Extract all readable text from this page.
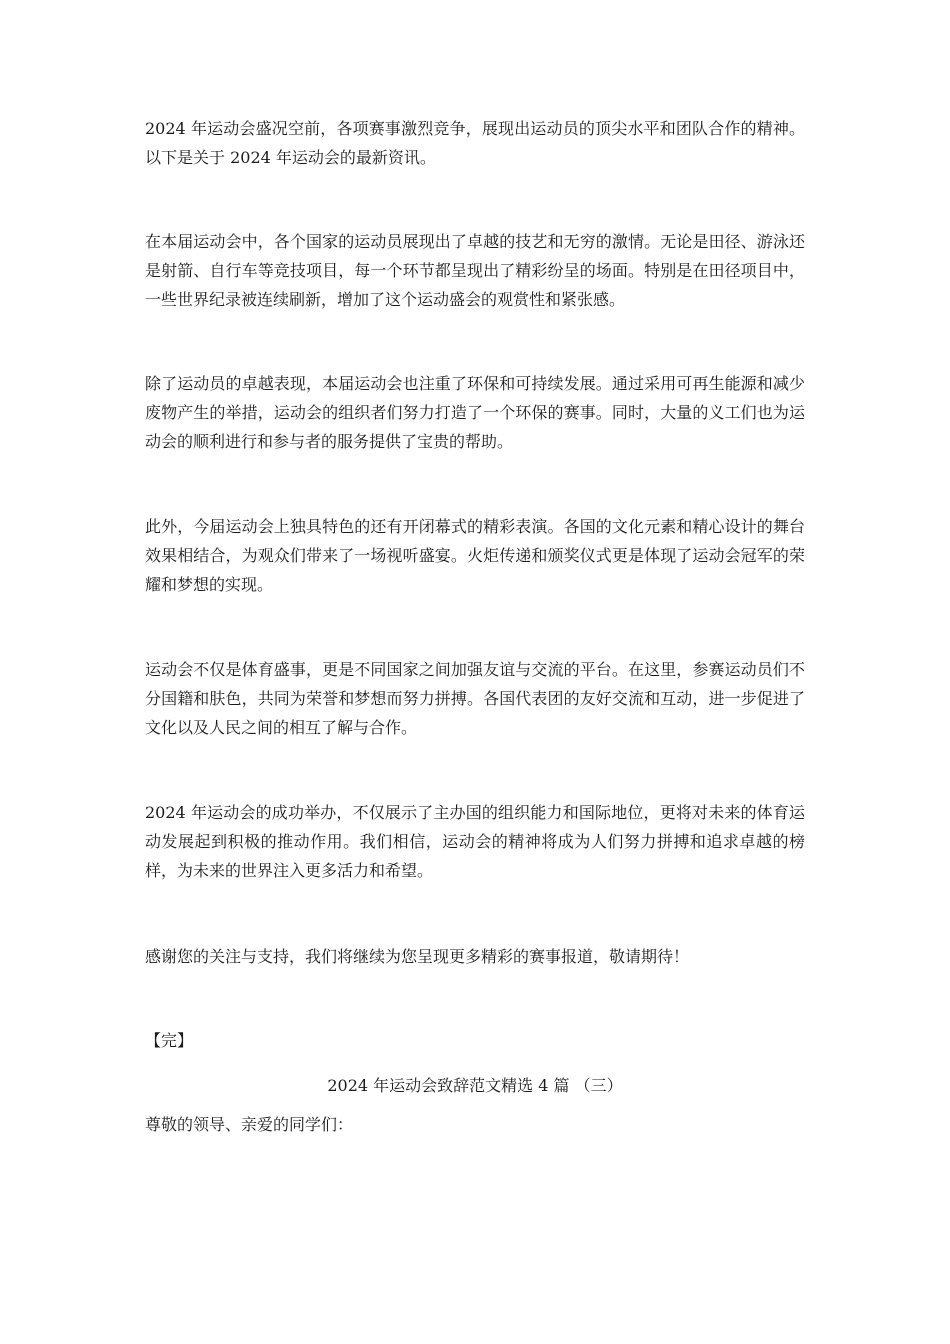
2024 年运动会盛况空前，各项赛事激烈竞争，展现出运动员的顶尖水平和团队合作的精神。以下是关于 2024 年运动会的最新资讯。

在本届运动会中，各个国家的运动员展现出了卓越的技艺和无穷的激情。无论是田径、游泳还是射箭、自行车等竞技项目，每一个环节都呈现出了精彩纷呈的场面。特别是在田径项目中，一些世界纪录被连续刷新，增加了这个运动盛会的观赏性和紧张感。

除了运动员的卓越表现，本届运动会也注重了环保和可持续发展。通过采用可再生能源和减少废物产生的举措，运动会的组织者们努力打造了一个环保的赛事。同时，大量的义工们也为运动会的顺利进行和参与者的服务提供了宝贵的帮助。

此外，今届运动会上独具特色的还有开闭幕式的精彩表演。各国的文化元素和精心设计的舞台效果相结合，为观众们带来了一场视听盛宴。火炬传递和颁奖仪式更是体现了运动会冠军的荣耀和梦想的实现。

运动会不仅是体育盛事，更是不同国家之间加强友谊与交流的平台。在这里，参赛运动员们不分国籍和肤色，共同为荣誉和梦想而努力拼搏。各国代表团的友好交流和互动，进一步促进了文化以及人民之间的相互了解与合作。

2024 年运动会的成功举办，不仅展示了主办国的组织能力和国际地位，更将对未来的体育运动发展起到积极的推动作用。我们相信，运动会的精神将成为人们努力拼搏和追求卓越的榜样，为未来的世界注入更多活力和希望。

感谢您的关注与支持，我们将继续为您呈现更多精彩的赛事报道，敬请期待！

【完】

2024 年运动会致辞范文精选 4 篇 （三）

尊敬的领导、亲爱的同学们：
